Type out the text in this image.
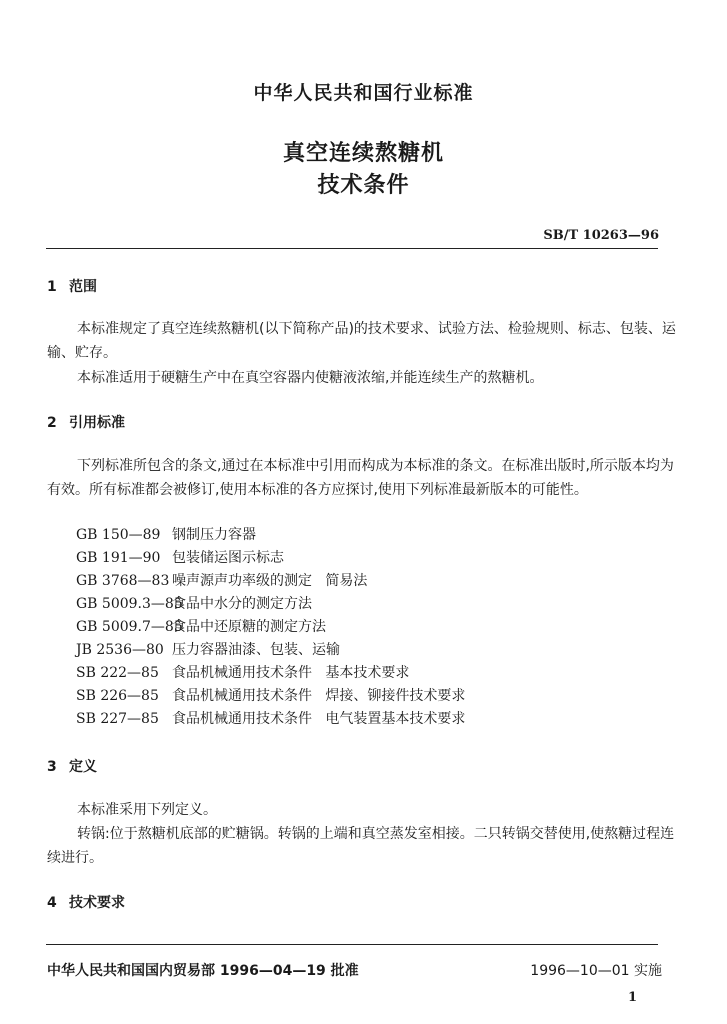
中华人民共和国行业标准
真空连续熬糖机
技术条件
SB/T 10263—96
1 范围
本标准规定了真空连续熬糖机(以下简称产品)的技术要求、试验方法、检验规则、标志、包装、运输、贮存。
本标准适用于硬糖生产中在真空容器内使糖液浓缩,并能连续生产的熬糖机。
2 引用标准
下列标准所包含的条文,通过在本标准中引用而构成为本标准的条文。在标准出版时,所示版本均为有效。所有标准都会被修订,使用本标准的各方应探讨,使用下列标准最新版本的可能性。
GB 150—89 钢制压力容器
GB 191—90 包装储运图示标志
GB 3768—83 噪声源声功率级的测定   简易法
GB 5009.3—85食品中水分的测定方法
GB 5009.7—85食品中还原糖的测定方法
JB 2536—80 压力容器油漆、包装、运输
SB 222—85 食品机械通用技术条件   基本技术要求
SB 226—85 食品机械通用技术条件   焊接、铆接件技术要求
SB 227—85 食品机械通用技术条件   电气装置基本技术要求
3 定义
本标准采用下列定义。
转锅:位于熬糖机底部的贮糖锅。转锅的上端和真空蒸发室相接。二只转锅交替使用,使熬糖过程连续进行。
4 技术要求
中华人民共和国国内贸易部 1996—04—19 批准	1996—10—01 实施
1
